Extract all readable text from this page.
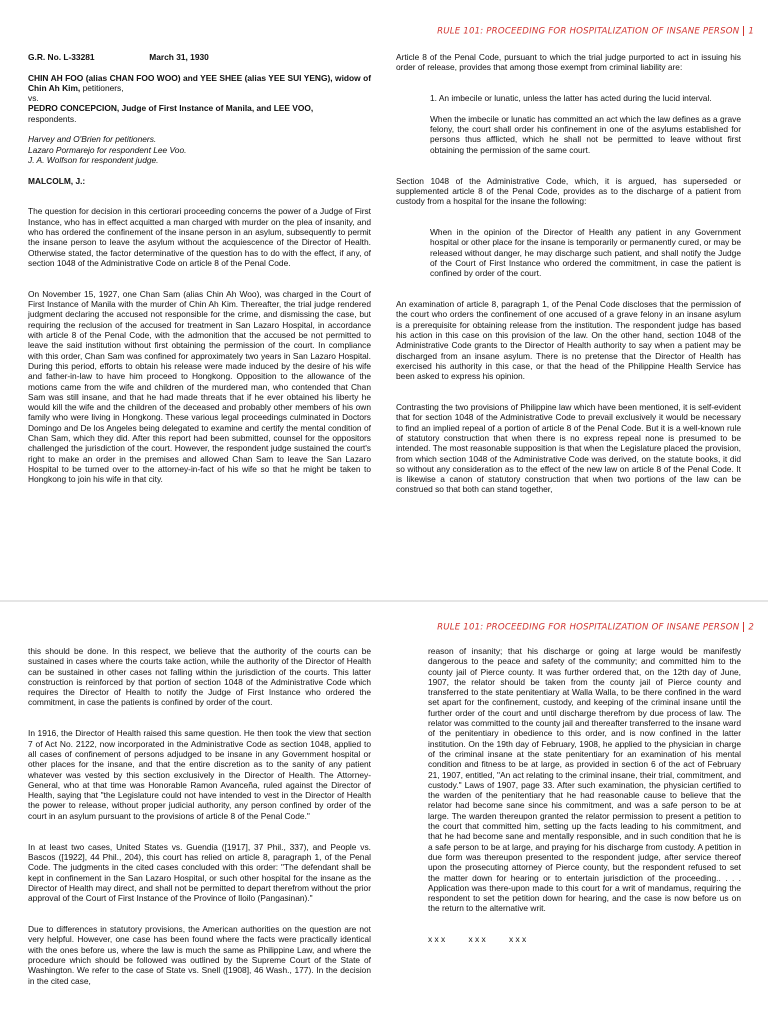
RULE 101: PROCEEDING FOR HOSPITALIZATION OF INSANE PERSON 1

G.R. No. L-33281	March 31, 1930

CHIN AH FOO (alias CHAN FOO WOO) and YEE SHEE (alias YEE SUI YENG), widow of Chin Ah Kim, petitioners,
vs.
PEDRO CONCEPCION, Judge of First Instance of Manila, and LEE VOO,
respondents.
Harvey and O'Brien for petitioners.
Lazaro Pormarejo for respondent Lee Voo.
J. A. Wolfson for respondent judge.

MALCOLM, J.:

The question for decision in this certiorari proceeding concerns the power of a Judge of First Instance, who has in effect acquitted a man charged with murder on the plea of insanity, and who has ordered the confinement of the insane person in an asylum, subsequently to permit the insane person to leave the asylum without the acquiescence of the Director of Health. Otherwise stated, the factor determinative of the question has to do with the effect, if any, of section 1048 of the Administrative Code on article 8 of the Penal Code.

On November 15, 1927, one Chan Sam (alias Chin Ah Woo), was charged in the Court of First Instance of Manila with the murder of Chin Ah Kim. Thereafter, the trial judge rendered judgment declaring the accused not responsible for the crime, and dismissing the case, but requiring the reclusion of the accused for treatment in San Lazaro Hospital, in accordance with article 8 of the Penal Code, with the admonition that the accused be not permitted to leave the said institution without first obtaining the permission of the court. In compliance with this order, Chan Sam was confined for approximately two years in San Lazaro Hospital. During this period, efforts to obtain his release were made induced by the desire of his wife and father-in-law to have him proceed to Hongkong. Opposition to the allowance of the motions came from the wife and children of the murdered man, who contended that Chan Sam was still insane, and that he had made threats that if he ever obtained his liberty he would kill the wife and the children of the deceased and probably other members of his own family who were living in Hongkong. These various legal proceedings culminated in Doctors Domingo and De los Angeles being delegated to examine and certify the mental condition of Chan Sam, which they did. After this report had been submitted, counsel for the oppositors challenged the jurisdiction of the court. However, the respondent judge sustained the court's right to make an order in the premises and allowed Chan Sam to leave the San Lazaro Hospital to be turned over to the attorney-in-fact of his wife so that he might be taken to Hongkong to join his wife in that city.

Article 8 of the Penal Code, pursuant to which the trial judge purported to act in issuing his order of release, provides that among those exempt from criminal liability are:

1. An imbecile or lunatic, unless the latter has acted during the lucid interval.

When the imbecile or lunatic has committed an act which the law defines as a grave felony, the court shall order his confinement in one of the asylums established for persons thus afflicted, which he shall not be permitted to leave without first obtaining the permission of the same court.

Section 1048 of the Administrative Code, which, it is argued, has superseded or supplemented article 8 of the Penal Code, provides as to the discharge of a patient from custody from a hospital for the insane the following:

When in the opinion of the Director of Health any patient in any Government hospital or other place for the insane is temporarily or permanently cured, or may be released without danger, he may discharge such patient, and shall notify the Judge of the Court of First Instance who ordered the commitment, in case the patient is confined by order of the court.

An examination of article 8, paragraph 1, of the Penal Code discloses that the permission of the court who orders the confinement of one accused of a grave felony in an insane asylum is a prerequisite for obtaining release from the institution. The respondent judge has based his action in this case on this provision of the law. On the other hand, section 1048 of the Administrative Code grants to the Director of Health authority to say when a patient may be discharged from an insane asylum. There is no pretense that the Director of Health has exercised his authority in this case, or that the head of the Philippine Health Service has been asked to express his opinion.

Contrasting the two provisions of Philippine law which have been mentioned, it is self-evident that for section 1048 of the Administrative Code to prevail exclusively it would be necessary to find an implied repeal of a portion of article 8 of the Penal Code. But it is a well-known rule of statutory construction that when there is no express repeal none is presumed to be intended. The most reasonable supposition is that when the Legislature placed the provision, from which section 1048 of the Administrative Code was derived, on the statute books, it did so without any consideration as to the effect of the new law on article 8 of the Penal Code. It is likewise a canon of statutory construction that when two portions of the law can be construed so that both can stand together,

RULE 101: PROCEEDING FOR HOSPITALIZATION OF INSANE PERSON 2

this should be done. In this respect, we believe that the authority of the courts can be sustained in cases where the courts take action, while the authority of the Director of Health can be sustained in other cases not falling within the jurisdiction of the courts. This latter construction is reinforced by that portion of section 1048 of the Administrative Code which requires the Director of Health to notify the Judge of First Instance who ordered the commitment, in case the patients is confined by order of the court.

In 1916, the Director of Health raised this same question. He then took the view that section 7 of Act No. 2122, now incorporated in the Administrative Code as section 1048, applied to all cases of confinement of persons adjudged to be insane in any Government hospital or other places for the insane, and that the entire discretion as to the sanity of any patient whatever was vested by this section exclusively in the Director of Health. The Attorney-General, who at that time was Honorable Ramon Avanceña, ruled against the Director of Health, saying that "the Legislature could not have intended to vest in the Director of Health the power to release, without proper judicial authority, any person confined by order of the court in an asylum pursuant to the provisions of article 8 of the Penal Code."

In at least two cases, United States vs. Guendia ([1917], 37 Phil., 337), and People vs. Bascos ([1922], 44 Phil., 204), this court has relied on article 8, paragraph 1, of the Penal Code. The judgments in the cited cases concluded with this order: "The defendant shall be kept in confinement in the San Lazaro Hospital, or such other hospital for the insane as the Director of Health may direct, and shall not be permitted to depart therefrom without the prior approval of the Court of First Instance of the Province of Iloilo (Pangasinan)."

Due to differences in statutory provisions, the American authorities on the question are not very helpful. However, one case has been found where the facts were practically identical with the ones before us, where the law is much the same as Philippine Law, and where the procedure which should be followed was outlined by the Supreme Court of the State of Washington. We refer to the case of State vs. Snell ([1908], 46 Wash., 177). In the decision in the cited case,

reason of insanity; that his discharge or going at large would be manifestly dangerous to the peace and safety of the community; and committed him to the county jail of Pierce county. It was further ordered that, on the 12th day of June, 1907, the relator should be taken from the county jail of Pierce county and transferred to the state penitentiary at Walla Walla, to be there confined in the ward set apart for the confinement, custody, and keeping of the criminal insane until the further order of the court and until discharge therefrom by due process of law. The relator was committed to the county jail and thereafter transferred to the insane ward of the penitentiary in obedience to this order, and is now confined in the latter institution. On the 19th day of February, 1908, he applied to the physician in charge of the criminal insane at the state penitentiary for an examination of his mental condition and fitness to be at large, as provided in section 6 of the act of February 21, 1907, entitled, "An act relating to the criminal insane, their trial, commitment, and custody." Laws of 1907, page 33. After such examination, the physician certified to the warden of the penitentiary that he had reasonable cause to believe that the relator had become sane since his commitment, and was a safe person to be at large. The warden thereupon granted the relator permission to present a petition to the court that committed him, setting up the facts leading to his commitment, and that he had become sane and mentally responsible, and in such condition that he is a safe person to be at large, and praying for his discharge from custody. A petition in due form was thereupon presented to the respondent judge, after service thereof upon the prosecuting attorney of Pierce county, but the respondent refused to set the matter down for hearing or to entertain jurisdiction of the proceeding.. . . . Application was there-upon made to this court for a writ of mandamus, requiring the respondent to set the petition down for hearing, and the case is now before us on the return to the alternative writ.

x x x          x x x          x x x
